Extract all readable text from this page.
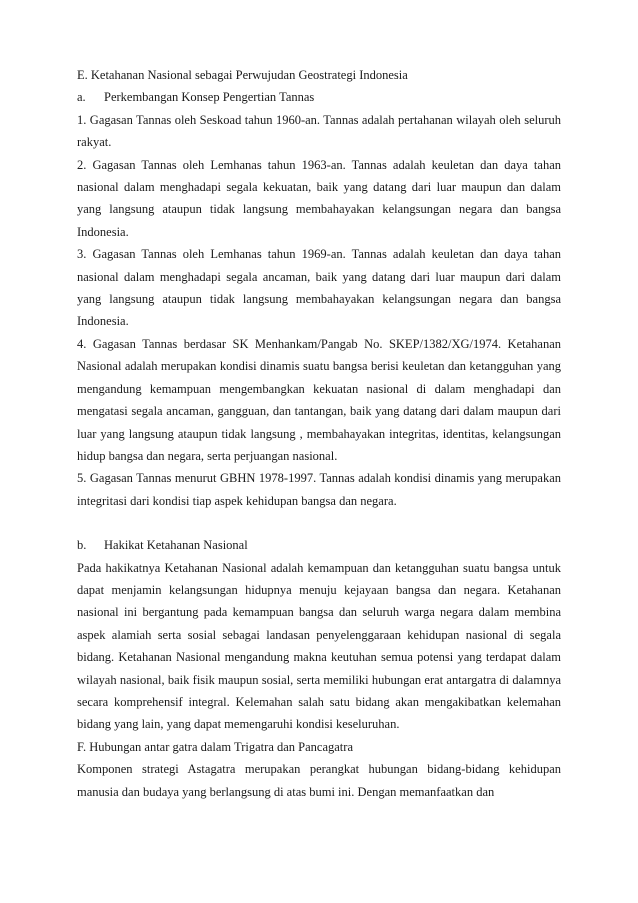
E. Ketahanan Nasional sebagai Perwujudan Geostrategi Indonesia

a. Perkembangan Konsep Pengertian Tannas

1. Gagasan Tannas oleh Seskoad tahun 1960-an. Tannas adalah pertahanan wilayah oleh seluruh rakyat.

2. Gagasan Tannas oleh Lemhanas tahun 1963-an. Tannas adalah keuletan dan daya tahan nasional dalam menghadapi segala kekuatan, baik yang datang dari luar maupun dan dalam yang langsung ataupun tidak langsung membahayakan kelangsungan negara dan bangsa Indonesia.

3. Gagasan Tannas oleh Lemhanas tahun 1969-an. Tannas adalah keuletan dan daya tahan nasional dalam menghadapi segala ancaman, baik yang datang dari luar maupun dari dalam yang langsung ataupun tidak langsung membahayakan kelangsungan negara dan bangsa Indonesia.

4. Gagasan Tannas berdasar SK Menhankam/Pangab No. SKEP/1382/XG/1974. Ketahanan Nasional adalah merupakan kondisi dinamis suatu bangsa berisi keuletan dan ketangguhan yang mengandung kemampuan mengembangkan kekuatan nasional di dalam menghadapi dan mengatasi segala ancaman, gangguan, dan tantangan, baik yang datang dari dalam maupun dari luar yang langsung ataupun tidak langsung , membahayakan integritas, identitas, kelangsungan hidup bangsa dan negara, serta perjuangan nasional.

5. Gagasan Tannas menurut GBHN 1978-1997. Tannas adalah kondisi dinamis yang merupakan integritasi dari kondisi tiap aspek kehidupan bangsa dan negara.

b. Hakikat Ketahanan Nasional

Pada hakikatnya Ketahanan Nasional adalah kemampuan dan ketangguhan suatu bangsa untuk dapat menjamin kelangsungan hidupnya menuju kejayaan bangsa dan negara. Ketahanan nasional ini bergantung pada kemampuan bangsa dan seluruh warga negara dalam membina aspek alamiah serta sosial sebagai landasan penyelenggaraan kehidupan nasional di segala bidang. Ketahanan Nasional mengandung makna keutuhan semua potensi yang terdapat dalam wilayah nasional, baik fisik maupun sosial, serta memiliki hubungan erat antargatra di dalamnya secara komprehensif integral. Kelemahan salah satu bidang akan mengakibatkan kelemahan bidang yang lain, yang dapat memengaruhi kondisi keseluruhan.

F. Hubungan antar gatra dalam Trigatra dan Pancagatra

Komponen strategi Astagatra merupakan perangkat hubungan bidang-bidang kehidupan manusia dan budaya yang berlangsung di atas bumi ini. Dengan memanfaatkan dan
